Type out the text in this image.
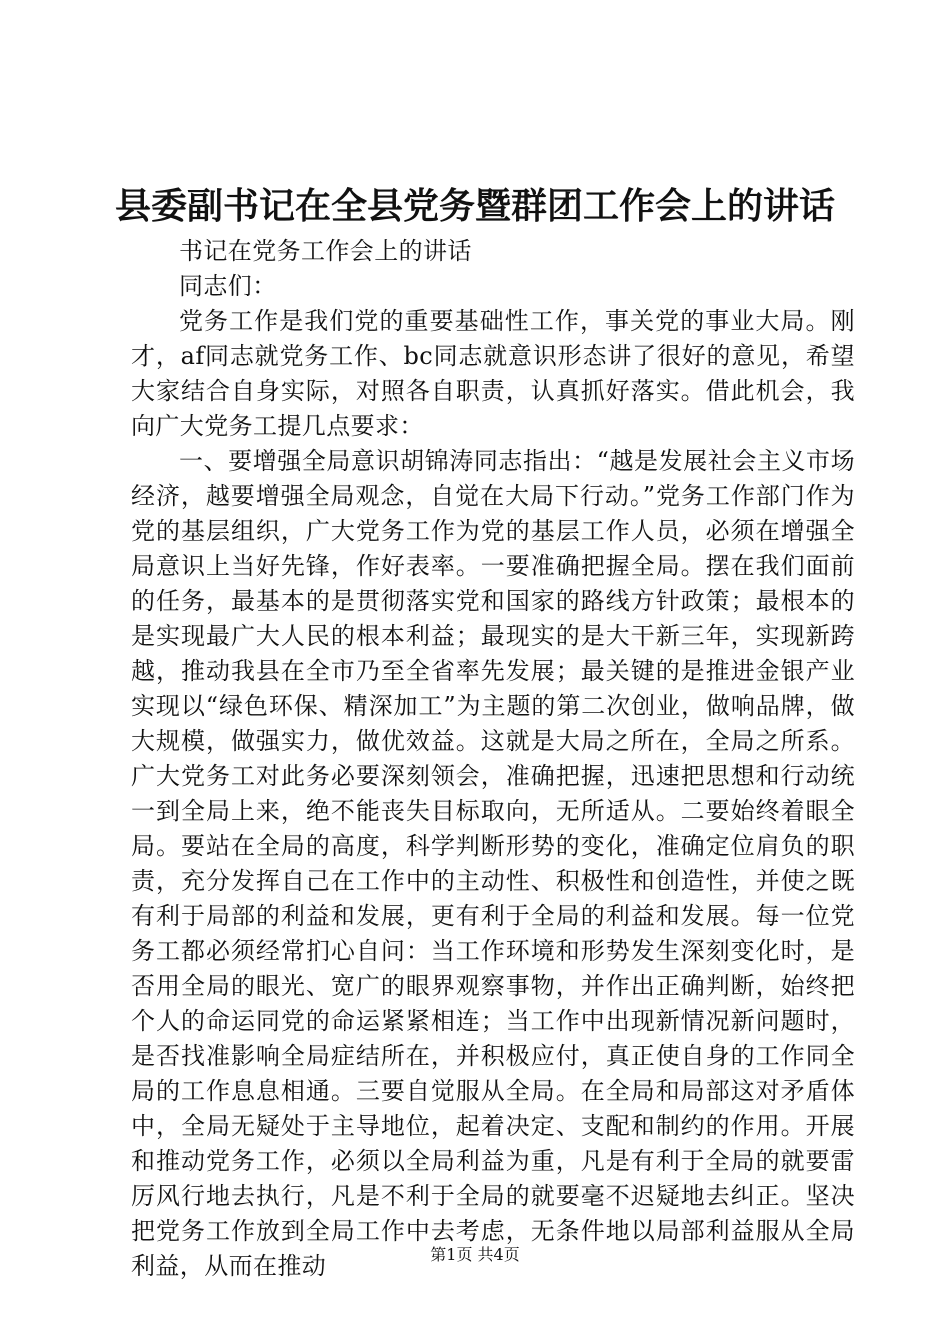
县委副书记在全县党务暨群团工作会上的讲话

书记在党务工作会上的讲话

同志们：

党务工作是我们党的重要基础性工作，事关党的事业大局。刚才，af同志就党务工作、bc同志就意识形态讲了很好的意见，希望大家结合自身实际，对照各自职责，认真抓好落实。借此机会，我向广大党务工提几点要求：

一、要增强全局意识胡锦涛同志指出：“越是发展社会主义市场经济，越要增强全局观念，自觉在大局下行动。”党务工作部门作为党的基层组织，广大党务工作为党的基层工作人员，必须在增强全局意识上当好先锋，作好表率。一要准确把握全局。摆在我们面前的任务，最基本的是贯彻落实党和国家的路线方针政策；最根本的是实现最广大人民的根本利益；最现实的是大干新三年，实现新跨越，推动我县在全市乃至全省率先发展；最关键的是推进金银产业实现以“绿色环保、精深加工”为主题的第二次创业，做响品牌，做大规模，做强实力，做优效益。这就是大局之所在，全局之所系。广大党务工对此务必要深刻领会，准确把握，迅速把思想和行动统一到全局上来，绝不能丧失目标取向，无所适从。二要始终着眼全局。要站在全局的高度，科学判断形势的变化，准确定位肩负的职责，充分发挥自己在工作中的主动性、积极性和创造性，并使之既有利于局部的利益和发展，更有利于全局的利益和发展。每一位党务工都必须经常扪心自问：当工作环境和形势发生深刻变化时，是否用全局的眼光、宽广的眼界观察事物，并作出正确判断，始终把个人的命运同党的命运紧紧相连；当工作中出现新情况新问题时，是否找准影响全局症结所在，并积极应付，真正使自身的工作同全局的工作息息相通。三要自觉服从全局。在全局和局部这对矛盾体中，全局无疑处于主导地位，起着决定、支配和制约的作用。开展和推动党务工作，必须以全局利益为重，凡是有利于全局的就要雷厉风行地去执行，凡是不利于全局的就要毫不迟疑地去纠正。坚决把党务工作放到全局工作中去考虑，无条件地以局部利益服从全局利益，从而在推动	第1页 共4页
